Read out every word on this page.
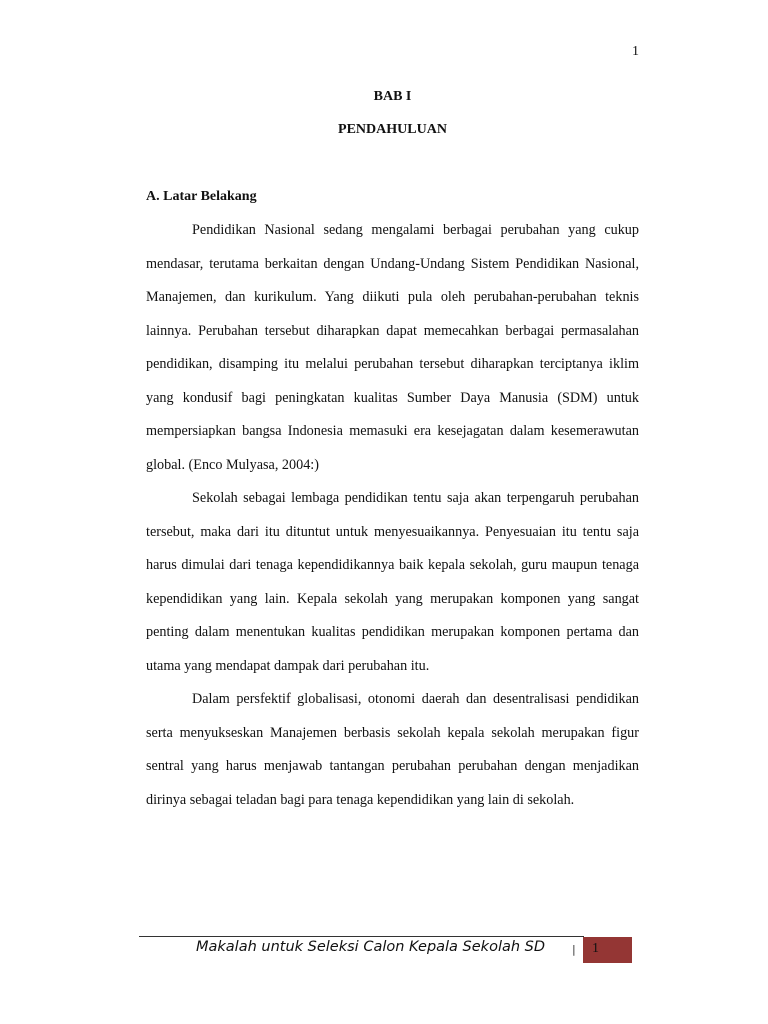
1
BAB I
PENDAHULUAN
A. Latar Belakang

Pendidikan Nasional sedang mengalami berbagai perubahan yang cukup mendasar, terutama berkaitan dengan Undang-Undang Sistem Pendidikan Nasional, Manajemen, dan kurikulum. Yang diikuti pula oleh perubahan-perubahan teknis lainnya. Perubahan tersebut diharapkan dapat memecahkan berbagai permasalahan pendidikan, disamping itu melalui perubahan tersebut diharapkan terciptanya iklim yang kondusif bagi peningkatan kualitas Sumber Daya Manusia (SDM) untuk mempersiapkan bangsa Indonesia memasuki era kesejagatan dalam kesemerawutan global. (Enco Mulyasa, 2004:)

Sekolah sebagai lembaga pendidikan tentu saja akan terpengaruh perubahan tersebut, maka dari itu dituntut untuk menyesuaikannya. Penyesuaian itu tentu saja harus dimulai dari tenaga kependidikannya baik kepala sekolah, guru maupun tenaga kependidikan yang lain. Kepala sekolah yang merupakan komponen yang sangat penting dalam menentukan kualitas pendidikan merupakan komponen pertama dan utama yang mendapat dampak dari perubahan itu.

Dalam persfektif globalisasi, otonomi daerah dan desentralisasi pendidikan serta menyukseskan Manajemen berbasis sekolah kepala sekolah merupakan figur sentral yang harus menjawab tantangan perubahan perubahan dengan menjadikan dirinya sebagai teladan bagi para tenaga kependidikan yang lain di sekolah.

Makalah untuk Seleksi Calon Kepala Sekolah SD | 1
